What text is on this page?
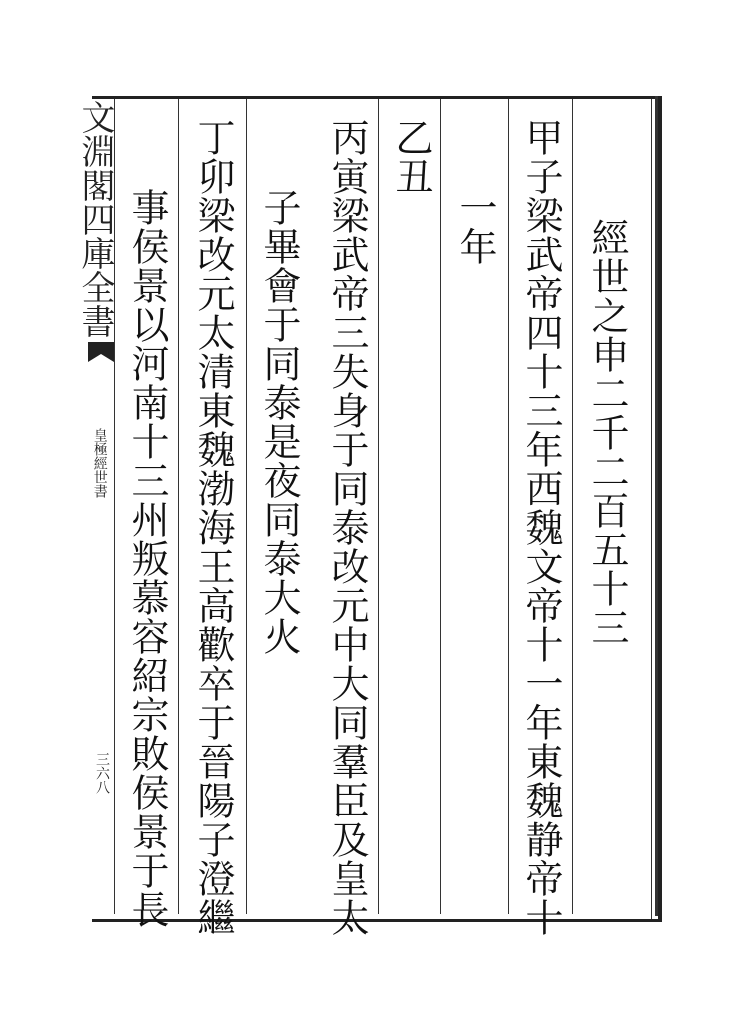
經世之申二千二百五十三
甲子梁武帝四十三年西魏文帝十一年東魏静帝十
一年
乙丑
丙寅梁武帝三失身于同泰改元中大同羣臣及皇太
子畢會于同泰是夜同泰大火
丁卯梁改元太清東魏渤海王高歡卒于晉陽子澄繼
事侯景以河南十三州叛慕容紹宗敗侯景于長
文淵閣四庫全書
皇極經世書
三六八
